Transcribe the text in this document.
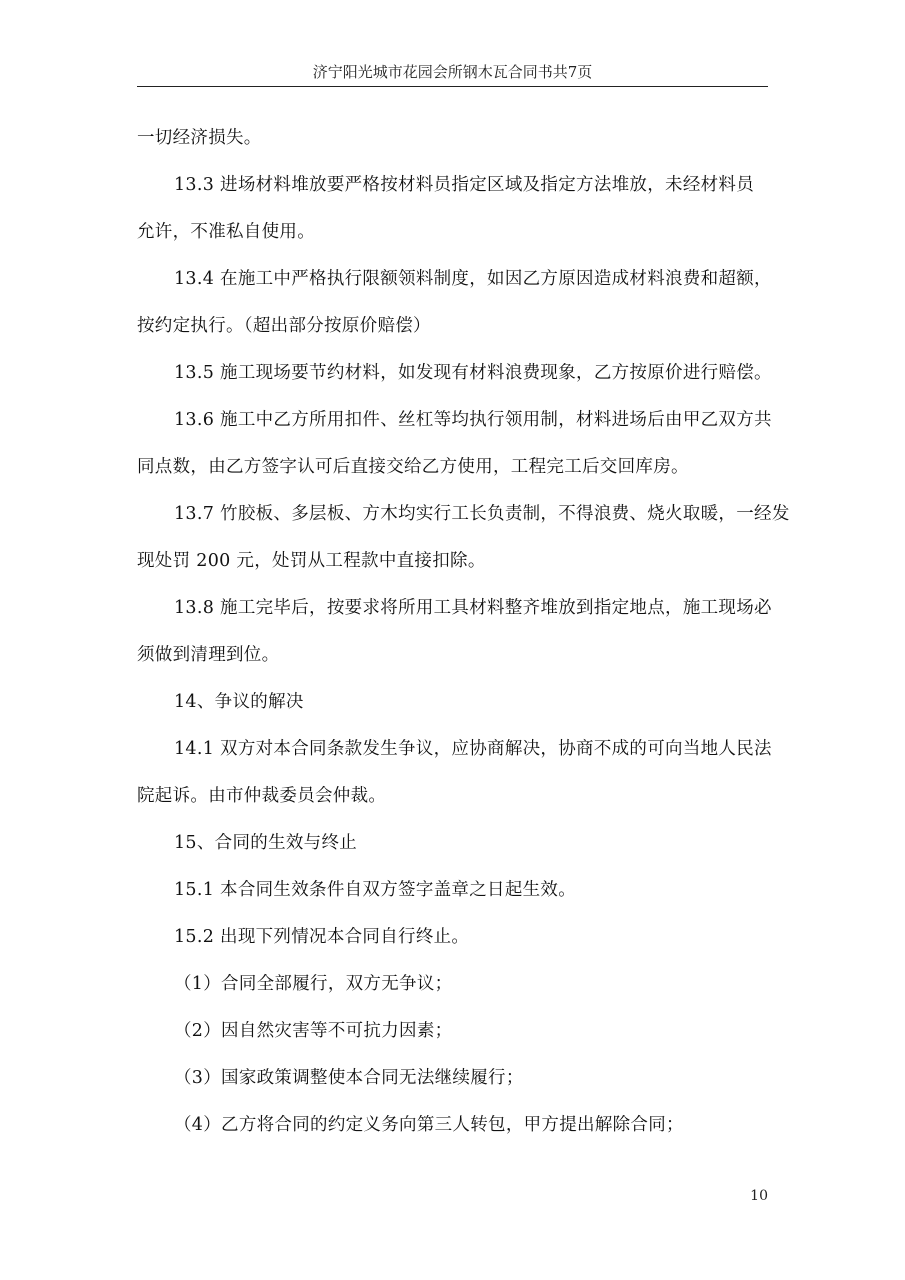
济宁阳光城市花园会所钢木瓦合同书共7页

一切经济损失。

13.3 进场材料堆放要严格按材料员指定区域及指定方法堆放，未经材料员

允许，不准私自使用。

13.4 在施工中严格执行限额领料制度，如因乙方原因造成材料浪费和超额，

按约定执行。（超出部分按原价赔偿）

13.5 施工现场要节约材料，如发现有材料浪费现象，乙方按原价进行赔偿。

13.6 施工中乙方所用扣件、丝杠等均执行领用制，材料进场后由甲乙双方共

同点数，由乙方签字认可后直接交给乙方使用，工程完工后交回库房。

13.7 竹胶板、多层板、方木均实行工长负责制，不得浪费、烧火取暖，一经发

现处罚 200 元，处罚从工程款中直接扣除。

13.8 施工完毕后，按要求将所用工具材料整齐堆放到指定地点，施工现场必

须做到清理到位。

14、争议的解决

14.1 双方对本合同条款发生争议，应协商解决，协商不成的可向当地人民法

院起诉。由市仲裁委员会仲裁。

15、合同的生效与终止

15.1 本合同生效条件自双方签字盖章之日起生效。

15.2 出现下列情况本合同自行终止。

（1）合同全部履行，双方无争议；

（2）因自然灾害等不可抗力因素；

（3）国家政策调整使本合同无法继续履行；

（4）乙方将合同的约定义务向第三人转包，甲方提出解除合同；

10
